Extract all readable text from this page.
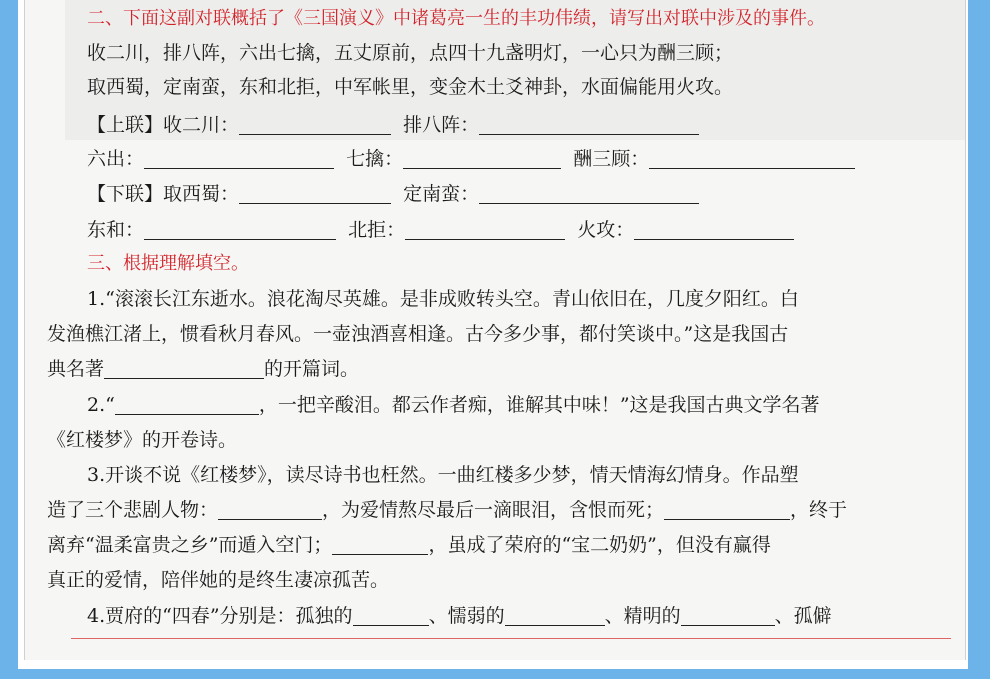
二、下面这副对联概括了《三国演义》中诸葛亮一生的丰功伟绩，请写出对联中涉及的事件。
收二川，排八阵，六出七擒，五丈原前，点四十九盏明灯，一心只为酬三顾；
取西蜀，定南蛮，东和北拒，中军帐里，变金木土爻神卦，水面偏能用火攻。
【上联】收二川：	排八阵：
六出：	七擒：	酬三顾：
【下联】取西蜀：	定南蛮：
东和：	北拒：	火攻：
三、根据理解填空。
1.“滚滚长江东逝水。浪花淘尽英雄。是非成败转头空。青山依旧在，几度夕阳红。白
发渔樵江渚上，惯看秋月春风。一壶浊酒喜相逢。古今多少事，都付笑谈中。”这是我国古
典名著	的开篇词。
2.“	，一把辛酸泪。都云作者痴，谁解其中味！”这是我国古典文学名著
《红楼梦》的开卷诗。
3.开谈不说《红楼梦》，读尽诗书也枉然。一曲红楼多少梦，情天情海幻情身。作品塑
造了三个悲剧人物：	，为爱情熬尽最后一滴眼泪，含恨而死；	，终于
离弃“温柔富贵之乡”而遁入空门；	，虽成了荣府的“宝二奶奶”，但没有赢得
真正的爱情，陪伴她的是终生凄凉孤苦。
4.贾府的“四春”分别是：孤独的	、懦弱的	、精明的	、孤僻
